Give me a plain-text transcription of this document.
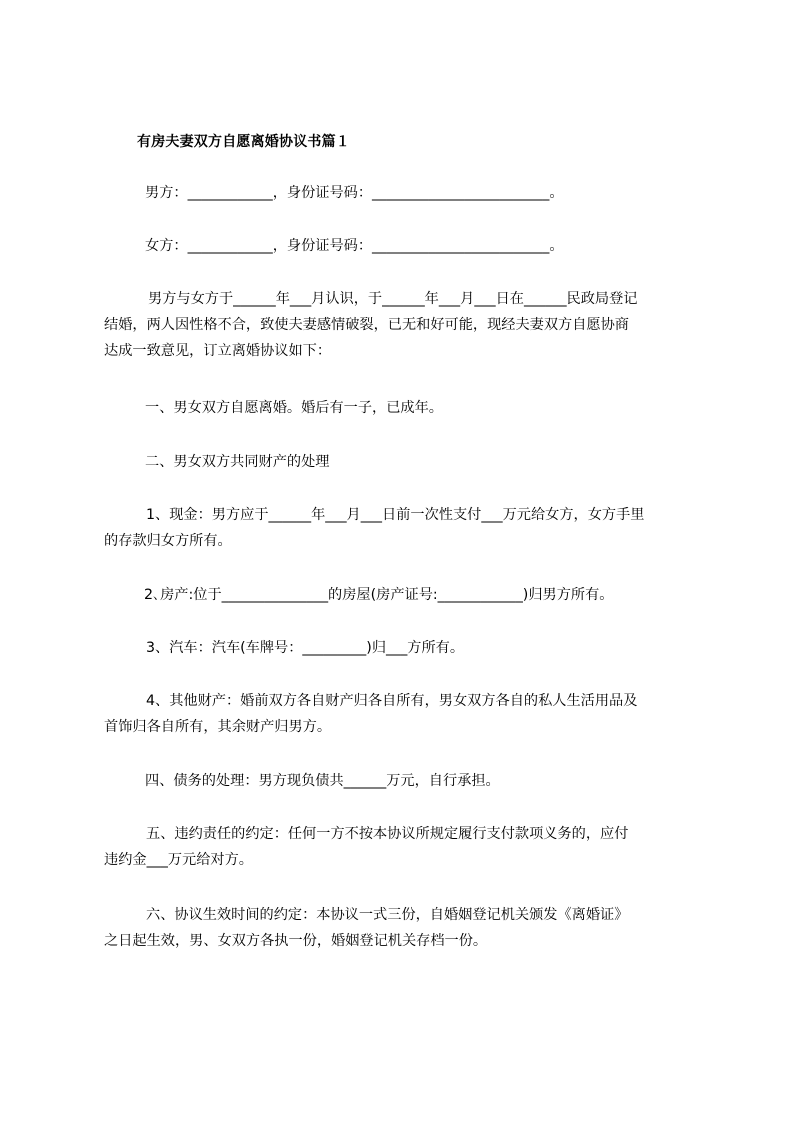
有房夫妻双方自愿离婚协议书篇１
男方：____________，身份证号码：_________________________。
女方：____________，身份证号码：_________________________。
男方与女方于______年___月认识，于______年___月___日在______民政局登记
结婚，两人因性格不合，致使夫妻感情破裂，已无和好可能，现经夫妻双方自愿协商
达成一致意见，订立离婚协议如下：
一、男女双方自愿离婚。婚后有一子，已成年。
二、男女双方共同财产的处理
1、现金：男方应于______年___月___日前一次性支付___万元给女方，女方手里
的存款归女方所有。
2､房产:位于_______________的房屋(房产证号:____________)归男方所有。
3、汽车：汽车(车牌号：_________)归___方所有。
4、其他财产：婚前双方各自财产归各自所有，男女双方各自的私人生活用品及
首饰归各自所有，其余财产归男方。
四、债务的处理：男方现负债共______万元，自行承担。
五、违约责任的约定：任何一方不按本协议所规定履行支付款项义务的，应付
违约金___万元给对方。
六、协议生效时间的约定：本协议一式三份，自婚姻登记机关颁发《离婚证》
之日起生效，男、女双方各执一份，婚姻登记机关存档一份。
